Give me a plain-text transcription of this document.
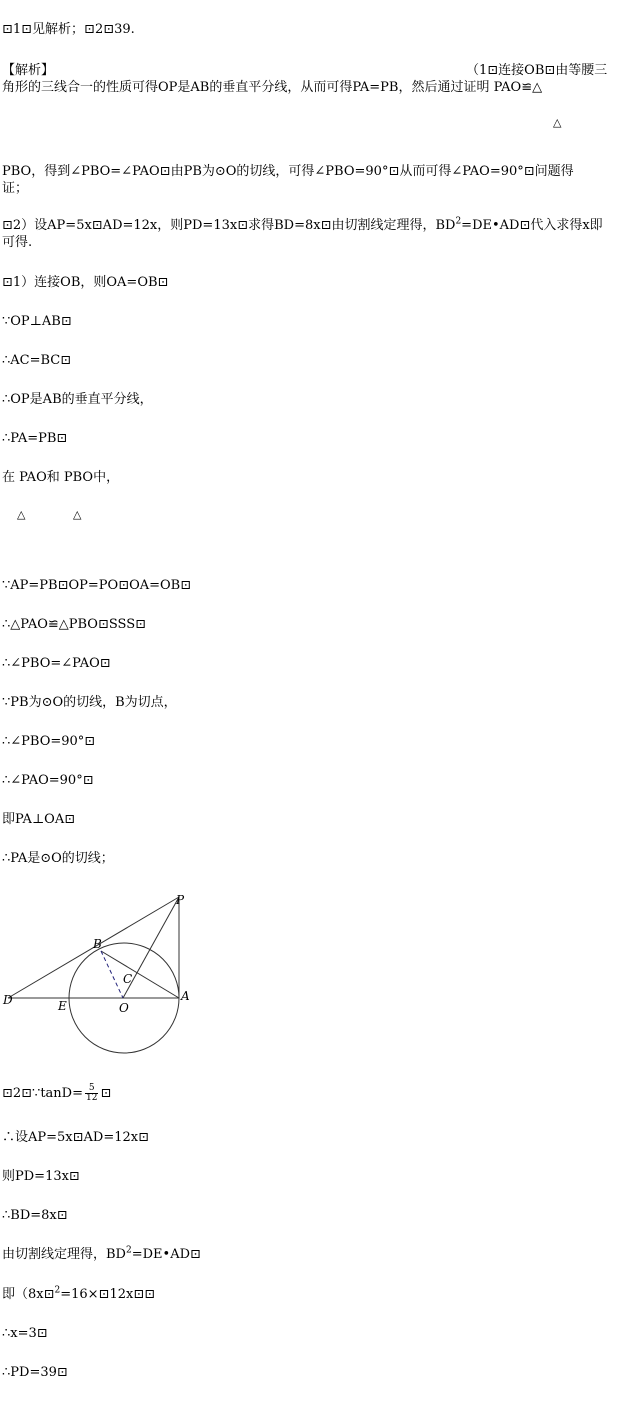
⊡1⊡见解析；⊡2⊡39.
【解析】	（1⊡连接OB⊡由等腰三
角形的三线合一的性质可得OP是AB的垂直平分线，从而可得PA=PB，然后通过证明 PAO≌△
△
PBO，得到∠PBO=∠PAO⊡由PB为⊙O的切线，可得∠PBO=90°⊡从而可得∠PAO=90°⊡问题得
证；
⊡2）设AP=5x⊡AD=12x，则PD=13x⊡求得BD=8x⊡由切割线定理得，$BD^2=DE•AD⊡$代入求得x即
可得.
⊡1）连接OB，则OA=OB⊡
∵OP⊥AB⊡
∴AC=BC⊡
∴OP是AB的垂直平分线，
∴PA=PB⊡
在 PAO和 PBO中，
△	△
∵AP=PB⊡OP=PO⊡OA=OB⊡
∴△PAO≌△PBO⊡SSS⊡
∴∠PBO=∠PAO⊡
∵PB为⊙O的切线，B为切点，
∴∠PBO=90°⊡
∴∠PAO=90°⊡
即PA⊥OA⊡
∴PA是⊙O的切线；
P
B
C
D	E	O
A
⊡2⊡∵tanD= $\frac{5}{12}$ ⊡
∴设AP=5x⊡AD=12x⊡
则PD=13x⊡
∴BD=8x⊡
由切割线定理得，$BD^2=DE•AD⊡$
即（8x⊡$^2$=16×⊡12x⊡⊡
∴x=3⊡
∴PD=39⊡
